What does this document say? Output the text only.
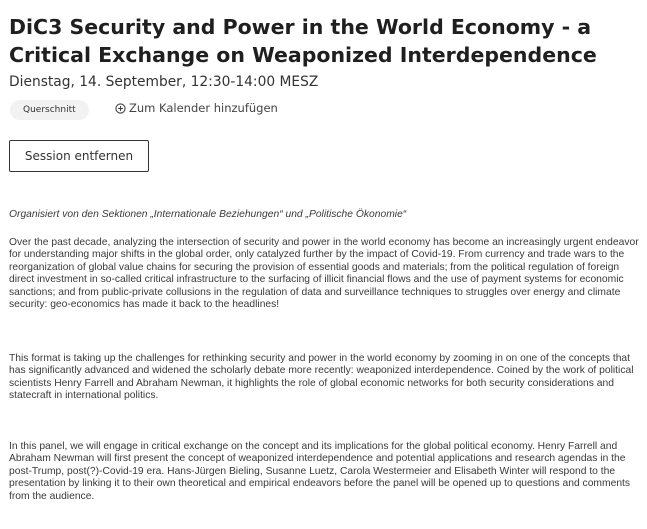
DiC3 Security and Power in the World Economy - a Critical Exchange on Weaponized Interdependence
Dienstag, 14. September, 12:30-14:00 MESZ
Querschnitt	Zum Kalender hinzufügen
Session entfernen

Organisiert von den Sektionen „Internationale Beziehungen“ und „Politische Ökonomie“

Over the past decade, analyzing the intersection of security and power in the world economy has become an increasingly urgent endeavor for understanding major shifts in the global order, only catalyzed further by the impact of Covid-19. From currency and trade wars to the reorganization of global value chains for securing the provision of essential goods and materials; from the political regulation of foreign direct investment in so-called critical infrastructure to the surfacing of illicit financial flows and the use of payment systems for economic sanctions; and from public-private collusions in the regulation of data and surveillance techniques to struggles over energy and climate security: geo-economics has made it back to the headlines!

This format is taking up the challenges for rethinking security and power in the world economy by zooming in on one of the concepts that has significantly advanced and widened the scholarly debate more recently: weaponized interdependence. Coined by the work of political scientists Henry Farrell and Abraham Newman, it highlights the role of global economic networks for both security considerations and statecraft in international politics.

In this panel, we will engage in critical exchange on the concept and its implications for the global political economy. Henry Farrell and Abraham Newman will first present the concept of weaponized interdependence and potential applications and research agendas in the post-Trump, post(?)-Covid-19 era. Hans-Jürgen Bieling, Susanne Luetz, Carola Westermeier and Elisabeth Winter will respond to the presentation by linking it to their own theoretical and empirical endeavors before the panel will be opened up to questions and comments from the audience.
